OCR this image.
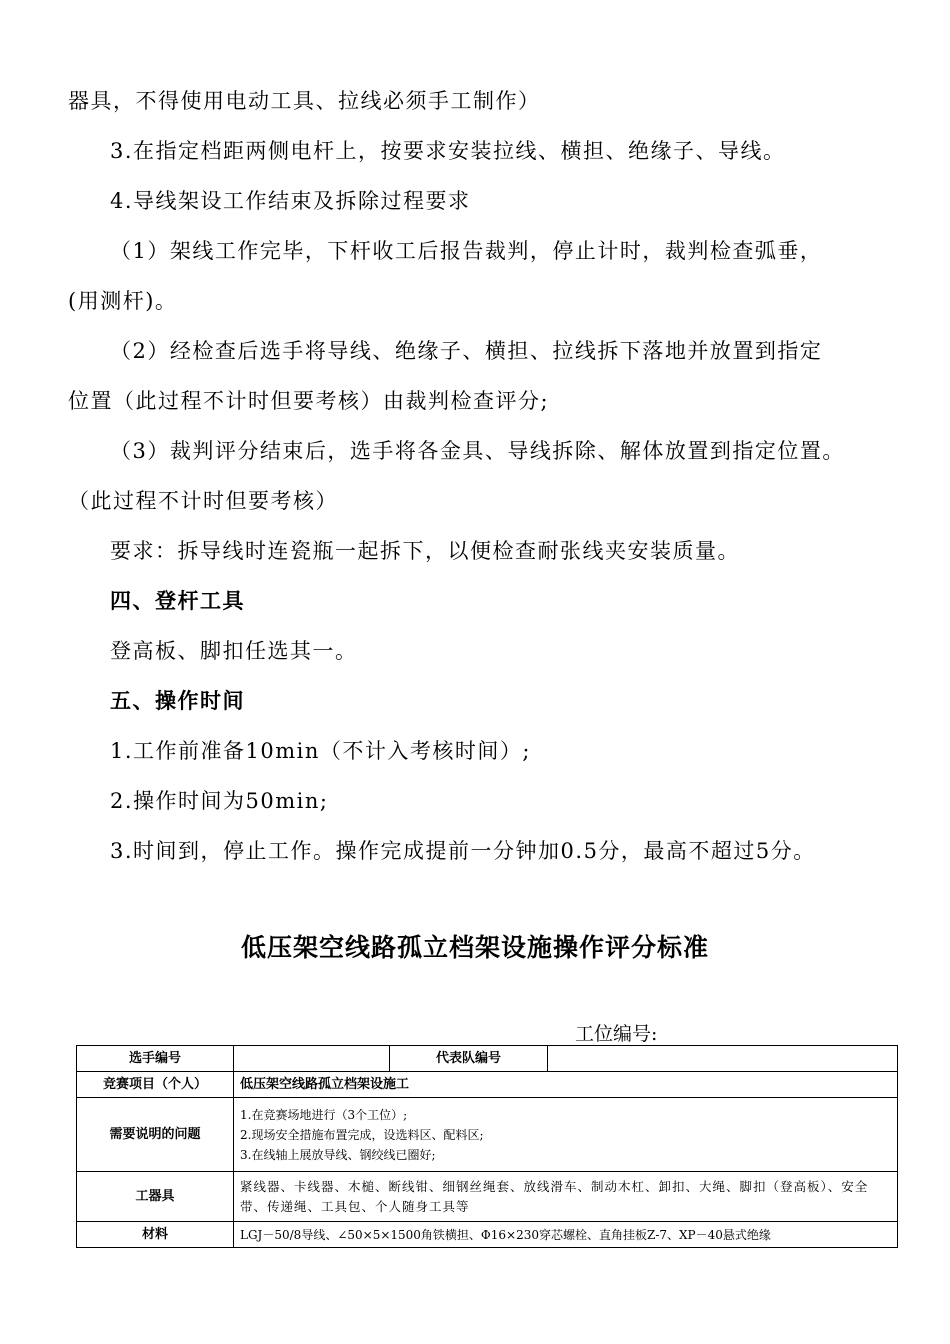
器具，不得使用电动工具、拉线必须手工制作）
3.在指定档距两侧电杆上，按要求安装拉线、横担、绝缘子、导线。
4.导线架设工作结束及拆除过程要求
（1）架线工作完毕，下杆收工后报告裁判，停止计时，裁判检查弧垂，
(用测杆)。
（2）经检查后选手将导线、绝缘子、横担、拉线拆下落地并放置到指定
位置（此过程不计时但要考核）由裁判检查评分;
（3）裁判评分结束后，选手将各金具、导线拆除、解体放置到指定位置。
（此过程不计时但要考核）
要求：拆导线时连瓷瓶一起拆下，以便检查耐张线夹安装质量。
四、登杆工具
登高板、脚扣任选其一。
五、操作时间
1.工作前准备10min（不计入考核时间）;
2.操作时间为50min;
3.时间到，停止工作。操作完成提前一分钟加0.5分，最高不超过5分。
低压架空线路孤立档架设施操作评分标准
工位编号:
选手编号		代表队编号	
竞赛项目（个人）	低压架空线路孤立档架设施工		
需要说明的问题	1.在竞赛场地进行（3个工位）;
2.现场安全措施布置完成，设选料区、配料区;
3.在线轴上展放导线、钢绞线已圈好;		

工器具	紧线器、卡线器、木槌、断线钳、细钢丝绳套、放线滑车、制动木杠、卸扣、大绳、脚扣（登高板）、安全带、传递绳、工具包、个人随身工具等		
材料	LGJ－50/8导线、∠50×5×1500角铁横担、Φ16×230穿芯螺栓、直角挂板Z-7、XP－40悬式绝缘		
